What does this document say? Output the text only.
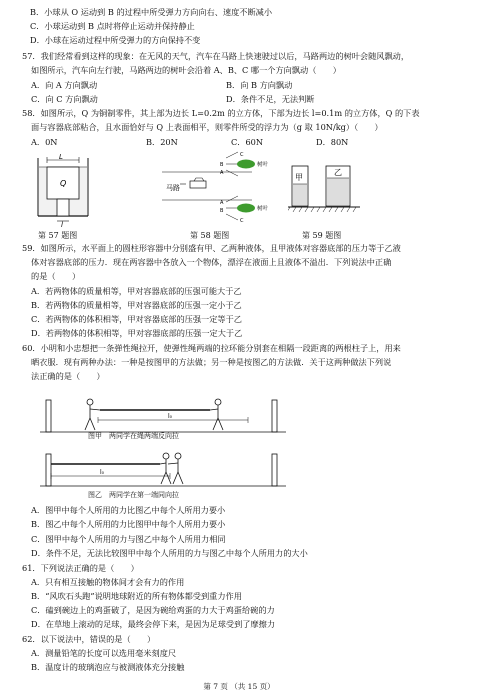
B．小球从 O 运动到 B 的过程中所受弹力方向向右、速度不断减小
C．小球运动到 B 点时将停止运动并保持静止
D．小球在运动过程中所受弹力的方向保持不变
57．我们经常看到这样的现象：在无风的天气，汽车在马路上快速驶过以后，马路两边的树叶会随风飘动，
如图所示，汽车向左行驶，马路两边的树叶会沿着 A、B、C 哪一个方向飘动（　　）
A．向 A 方向飘动	B．向 B 方向飘动
C．向 C 方向飘动	D．条件不足，无法判断
58．如图所示，Q 为铜制零件，其上部为边长 L=0.2m 的立方体，下部为边长 l=0.1m 的立方体，Q 的下表
面与容器底部粘合，且水面恰好与 Q 上表面相平，则零件所受的浮力为（g 取 10N/kg）（　　）
A．0N	B．20N	C．60N	D．80N
L
Q
l
第 57 题图
马路
C
B
A
A
B
C
树叶
树叶
第 58 题图
甲
乙
第 59 题图
59．如图所示，水平面上的圆柱形容器中分别盛有甲、乙两种液体，且甲液体对容器底部的压力等于乙液
体对容器底部的压力．现在两容器中各放入一个物体，漂浮在液面上且液体不溢出．下列说法中正确
的是（　　）
A．若两物体的质量相等，甲对容器底部的压强可能大于乙
B．若两物体的质量相等，甲对容器底部的压强一定小于乙
C．若两物体的体积相等，甲对容器底部的压强一定等于乙
D．若两物体的体积相等，甲对容器底部的压强一定大于乙
60．小明和小忠想把一条弹性绳拉开，使弹性绳两端的拉环能分别套在相隔一段距离的两根柱子上，用来
晒衣服．现有两种办法：一种是按图甲的方法做；另一种是按图乙的方法做．关于这两种做法下列说
法正确的是（　　）
l₀
图甲　两同学在绳两端反向拉
l₀
图乙　两同学在第一端同向拉
A．图甲中每个人所用的力比图乙中每个人所用力要小
B．图乙中每个人所用的力比图甲中每个人所用力要小
C．图甲中每个人所用的力与图乙中每个人所用力相同
D．条件不足，无法比较图甲中每个人所用的力与图乙中每个人所用力的大小
61．下列说法正确的是（　　）
A．只有相互接触的物体间才会有力的作用
B．“风吹石头跑”说明地球附近的所有物体都受到重力作用
C．磕到碗边上的鸡蛋破了，是因为碗给鸡蛋的力大于鸡蛋给碗的力
D．在草地上滚动的足球，最终会停下来，是因为足球受到了摩擦力
62．以下说法中，错误的是（　　）
A．测量铅笔的长度可以选用毫米刻度尺
B．温度计的玻璃泡应与被测液体充分接触
第 7 页 （共 15 页）
